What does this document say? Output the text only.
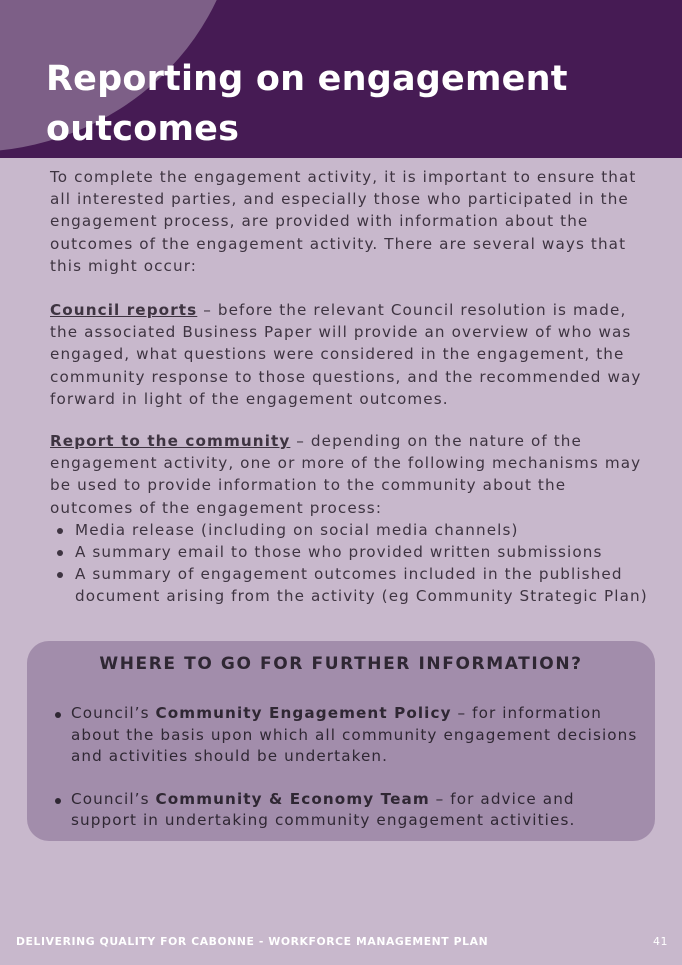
Reporting on engagement outcomes

To complete the engagement activity, it is important to ensure that all interested parties, and especially those who participated in the engagement process, are provided with information about the outcomes of the engagement activity. There are several ways that this might occur:

Council reports – before the relevant Council resolution is made, the associated Business Paper will provide an overview of who was engaged, what questions were considered in the engagement, the community response to those questions, and the recommended way forward in light of the engagement outcomes.

Report to the community – depending on the nature of the engagement activity, one or more of the following mechanisms may be used to provide information to the community about the outcomes of the engagement process:

Media release (including on social media channels)
A summary email to those who provided written submissions
A summary of engagement outcomes included in the published document arising from the activity (eg Community Strategic Plan)
WHERE TO GO FOR FURTHER INFORMATION?
Council’s Community Engagement Policy – for information about the basis upon which all community engagement decisions and activities should be undertaken.
Council’s Community & Economy Team – for advice and support in undertaking community engagement activities.
DELIVERING QUALITY FOR CABONNE - WORKFORCE MANAGEMENT PLAN	41
